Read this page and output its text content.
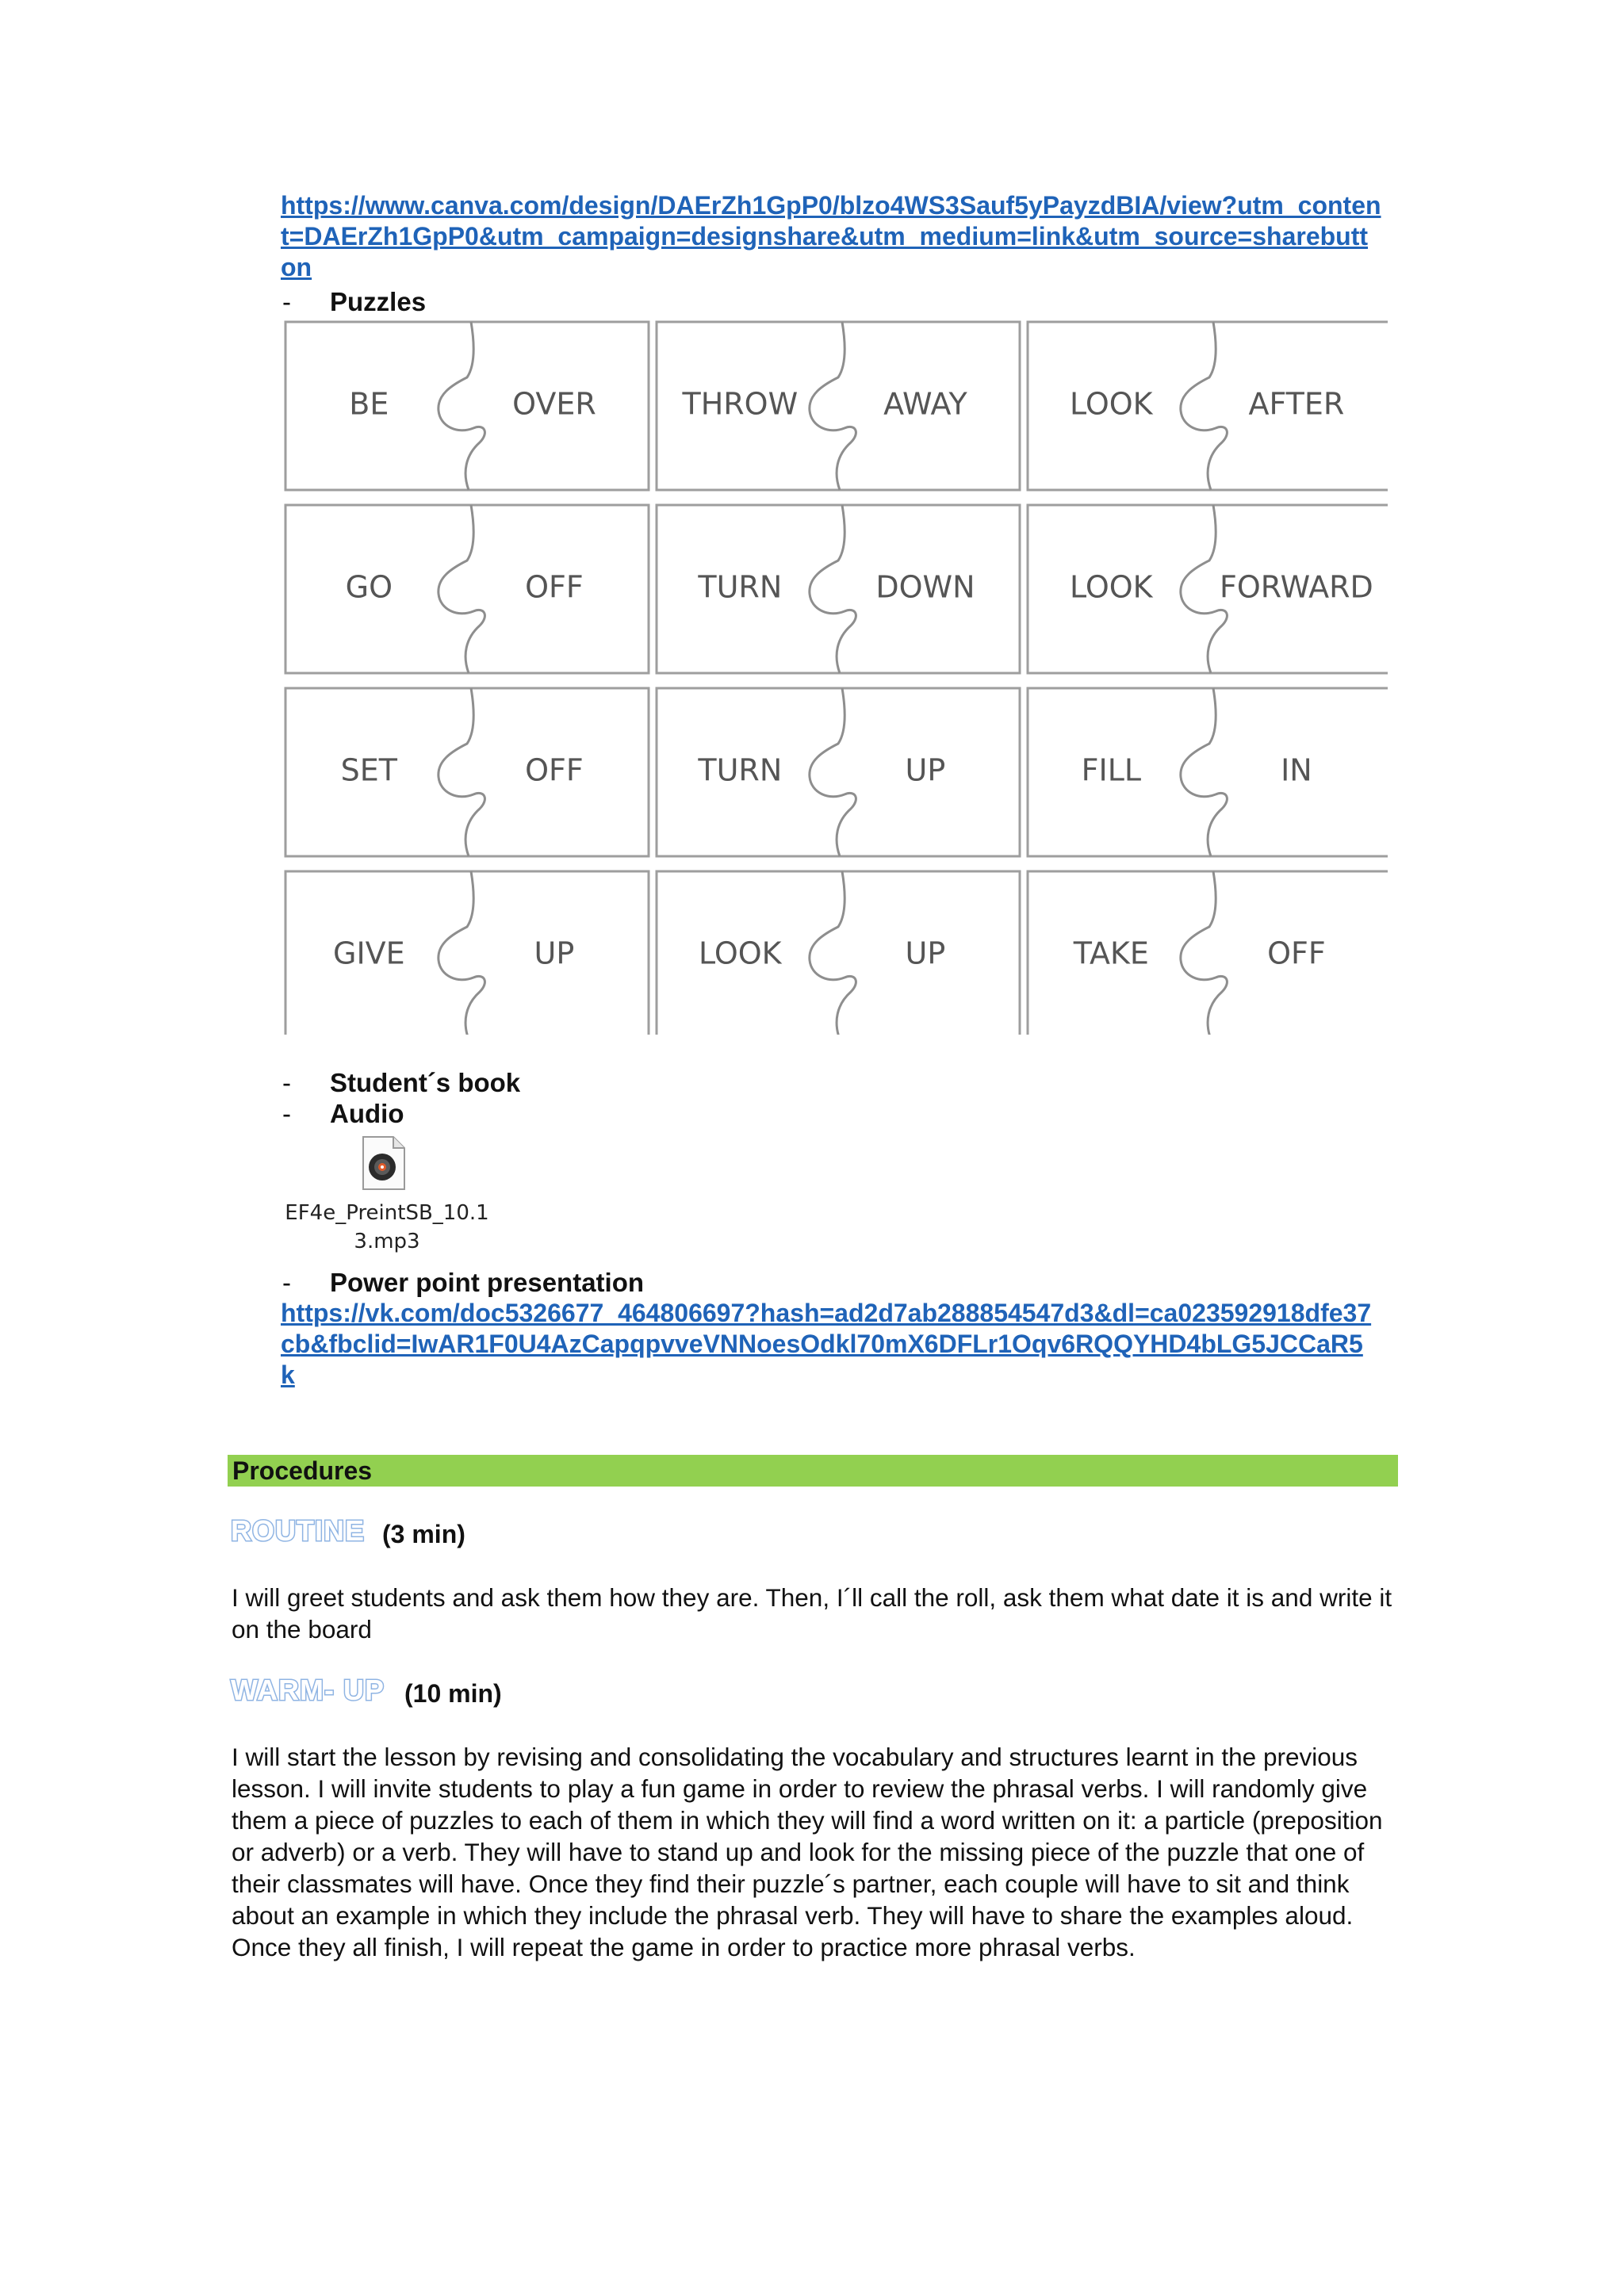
https://www.canva.com/design/DAErZh1GpP0/blzo4WS3Sauf5yPayzdBIA/view?utm_content=DAErZh1GpP0&utm_campaign=designshare&utm_medium=link&utm_source=sharebutton
- Puzzles
BE	OVER	THROW	AWAY	LOOK	AFTER
GO	OFF	TURN	DOWN	LOOK FORWARD
SET	OFF	TURN	UP	FILL	IN
GIVE	UP	LOOK	UP	TAKE	OFF
- Student´s book
- Audio
EF4e_PreintSB_10.1
3.mp3
- Power point presentation
https://vk.com/doc5326677_464806697?hash=ad2d7ab288854547d3&dl=ca023592918dfe37cb&fbclid=IwAR1F0U4AzCapqpvveVNNoesOdkl70mX6DFLr1Oqv6RQQYHD4bLG5JCCaR5k
Procedures
ROUTINE (3 min)
I will greet students and ask them how they are. Then, I´ll call the roll, ask them what date it is and write it on the board
WARM- UP (10 min)
I will start the lesson by revising and consolidating the vocabulary and structures learnt in the previous lesson. I will invite students to play a fun game in order to review the phrasal verbs. I will randomly give them a piece of puzzles to each of them in which they will find a word written on it: a particle (preposition or adverb) or a verb. They will have to stand up and look for the missing piece of the puzzle that one of their classmates will have. Once they find their puzzle´s partner, each couple will have to sit and think about an example in which they include the phrasal verb. They will have to share the examples aloud. Once they all finish, I will repeat the game in order to practice more phrasal verbs.
